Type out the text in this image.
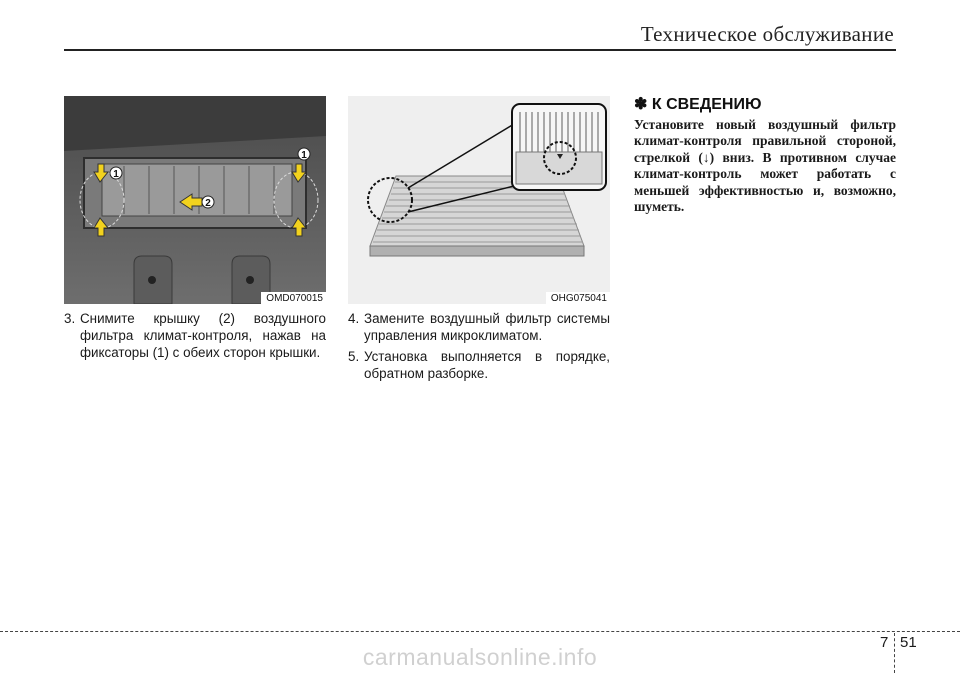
Техническое обслуживание
1
2
1
OMD070015	OHG075041
3. Снимите крышку (2) воздушного фильтра климат-контроля, нажав на фиксаторы (1) с обеих сторон крышки.
4. Замените воздушный фильтр системы управления микроклиматом.
5. Установка выполняется в порядке, обратном разборке.
✽ К СВЕДЕНИЮ
Установите новый воздушный фильтр климат-контроля правильной стороной, стрелкой (↓) вниз. В противном случае климат-контроль может работать с меньшей эффективностью и, возможно, шуметь.
7 51
carmanualsonline.info
